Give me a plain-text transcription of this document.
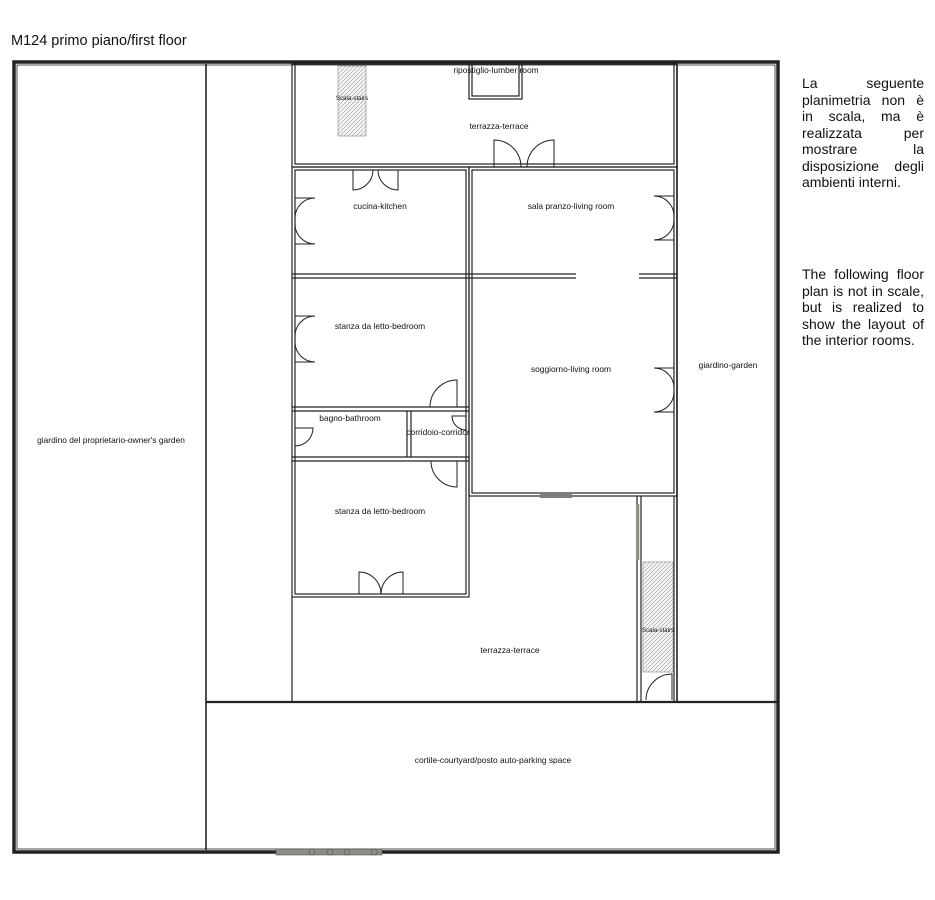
M124 primo piano/first floor
ripostiglio-lumber room
Scala-stairs
terrazza-terrace
cucina-kitchen	sala pranzo-living room
stanza da letto-bedroom
soggiorno-living room
bagno-bathroom
corridoio-corridor
stanza da letto-bedroom
terrazza-terrace
Scala-stairs
giardino del proprietario-owner's garden
giardino-garden
cortile-courtyard/posto auto-parking space
La seguente planimetria non è in scala, ma è realizzata per mostrare la disposizione degli ambienti interni.
The following floor plan is not in scale, but is realized to show the layout of the interior rooms.
